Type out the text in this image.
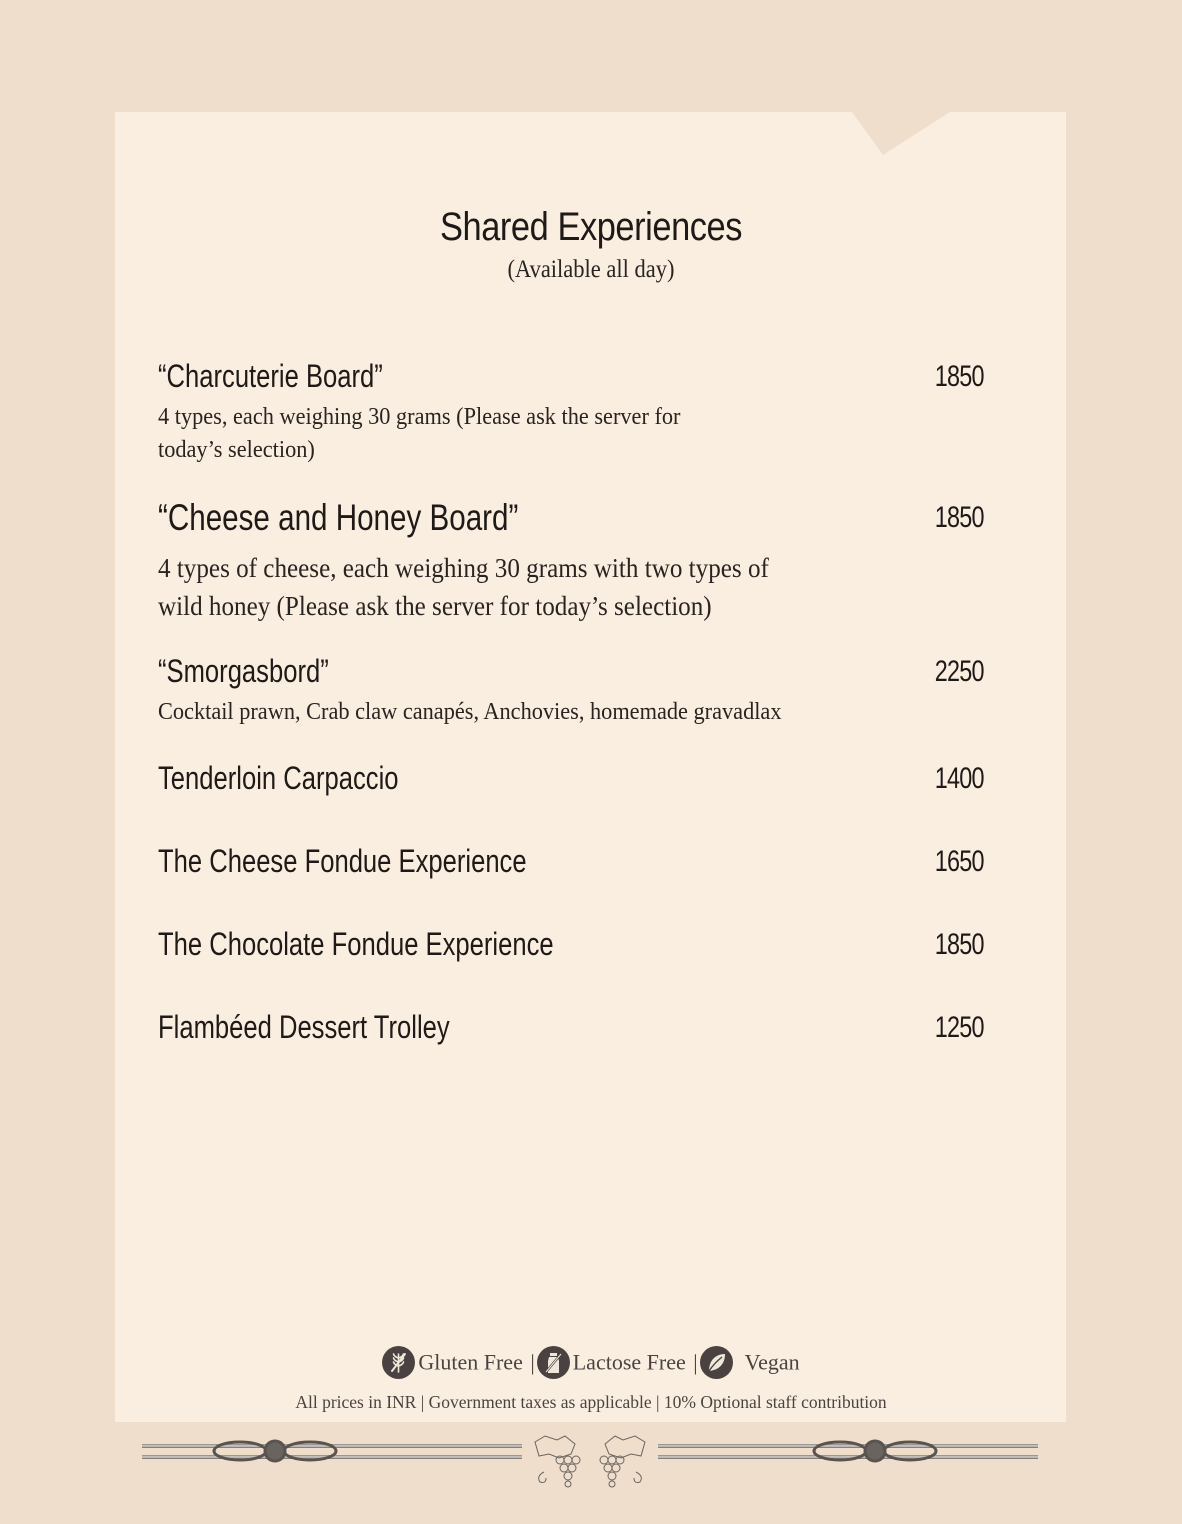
Shared Experiences
(Available all day)
“Charcuterie Board”	1850
4 types, each weighing 30 grams (Please ask the server for
today’s selection)
“Cheese and Honey Board”	1850
4 types of cheese, each weighing 30 grams with two types of
wild honey (Please ask the server for today’s selection)
“Smorgasbord”	2250
Cocktail prawn, Crab claw canapés, Anchovies, homemade gravadlax
Tenderloin Carpaccio	1400
The Cheese Fondue Experience	1650
The Chocolate Fondue Experience	1850
Flambéed Dessert Trolley	1250
Gluten Free | Lactose Free | Vegan
All prices in INR | Government taxes as applicable | 10% Optional staff contribution
